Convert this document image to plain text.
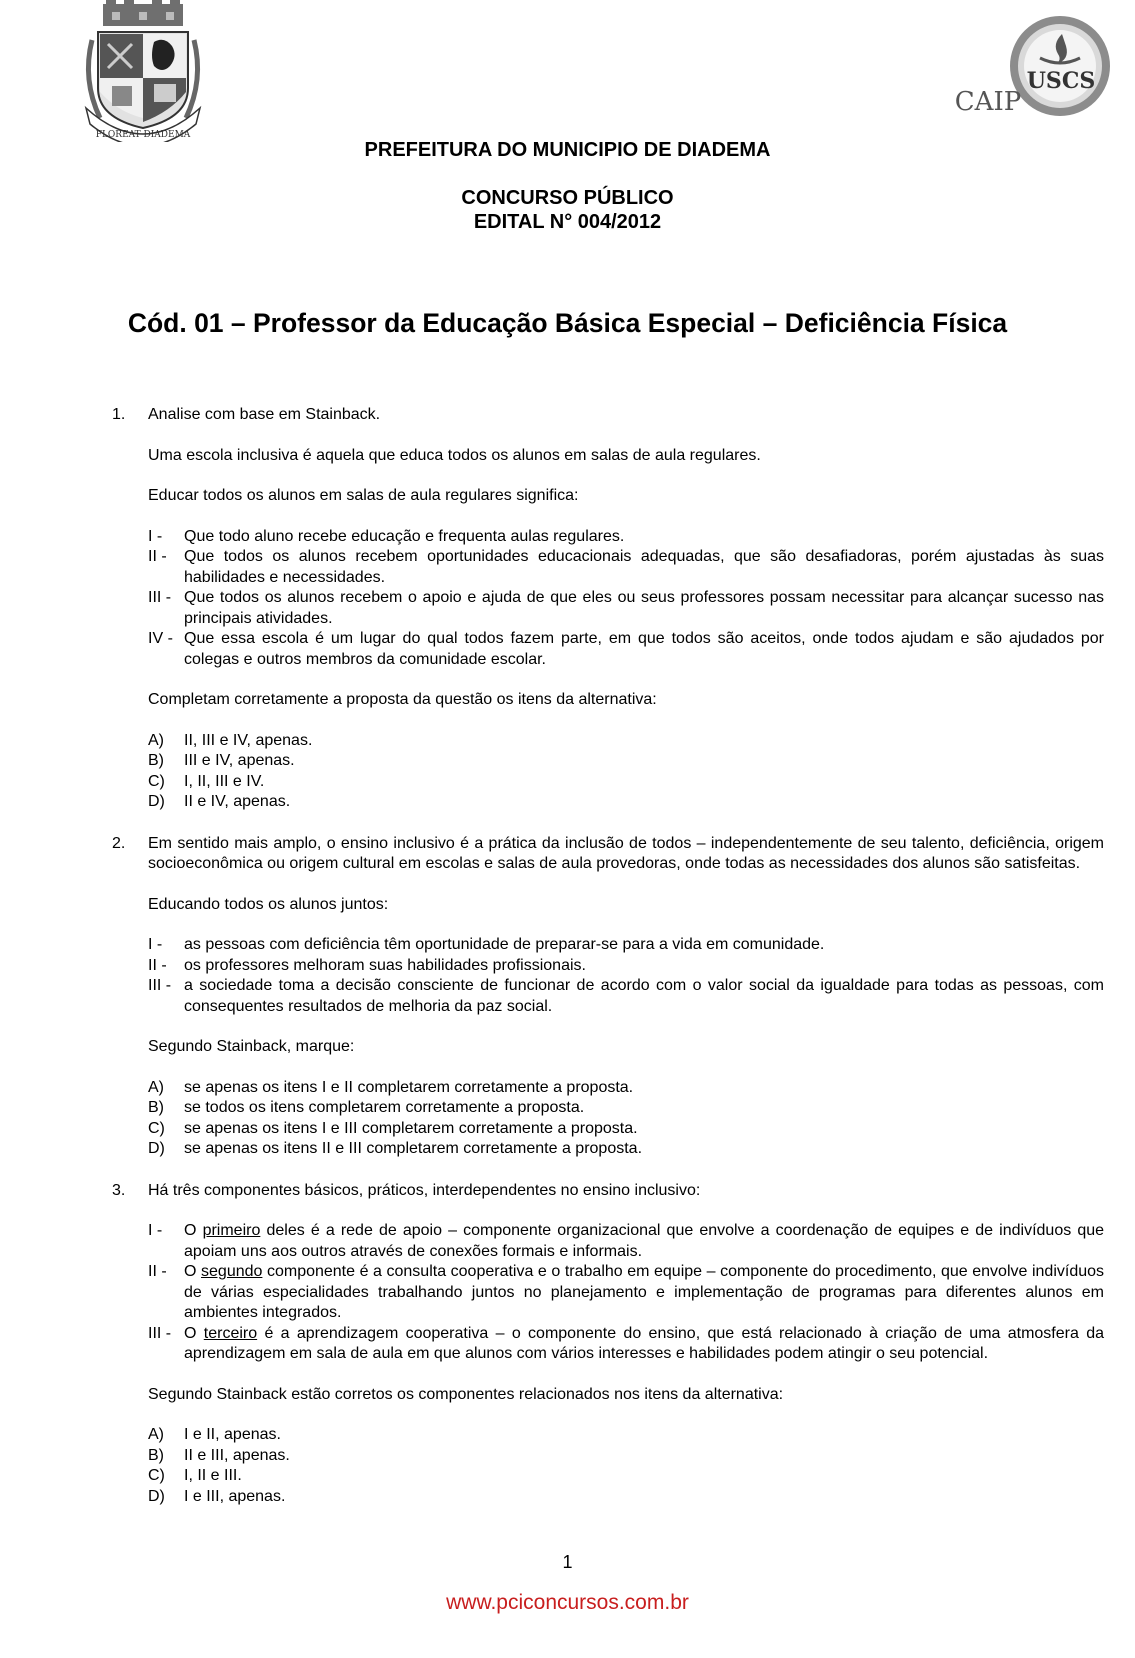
FLOREAT DIADEMA
USCS
CAIP
PREFEITURA DO MUNICIPIO DE DIADEMA
CONCURSO PÚBLICO
EDITAL N° 004/2012
Cód. 01 – Professor da Educação Básica Especial – Deficiência Física
1.	Analise com base em Stainback.
Uma escola inclusiva é aquela que educa todos os alunos em salas de aula regulares.
Educar todos os alunos em salas de aula regulares significa:
I -	Que todo aluno recebe educação e frequenta aulas regulares.
II -	Que todos os alunos recebem oportunidades educacionais adequadas, que são desafiadoras, porém ajustadas às suas habilidades e necessidades.
III - Que todos os alunos recebem o apoio e ajuda de que eles ou seus professores possam necessitar para alcançar sucesso nas principais atividades.
IV - Que essa escola é um lugar do qual todos fazem parte, em que todos são aceitos, onde todos ajudam e são ajudados por colegas e outros membros da comunidade escolar.
Completam corretamente a proposta da questão os itens da alternativa:
A)	II, III e IV, apenas.
B)	III e IV, apenas.
C)	I, II, III e IV.
D)	II e IV, apenas.
2.	Em sentido mais amplo, o ensino inclusivo é a prática da inclusão de todos – independentemente de seu talento, deficiência, origem socioeconômica ou origem cultural em escolas e salas de aula provedoras, onde todas as necessidades dos alunos são satisfeitas.
Educando todos os alunos juntos:
I -	as pessoas com deficiência têm oportunidade de preparar-se para a vida em comunidade.
II -	os professores melhoram suas habilidades profissionais.
III - a sociedade toma a decisão consciente de funcionar de acordo com o valor social da igualdade para todas as pessoas, com consequentes resultados de melhoria da paz social.
Segundo Stainback, marque:
A)	se apenas os itens I e II completarem corretamente a proposta.
B)	se todos os itens completarem corretamente a proposta.
C)	se apenas os itens I e III completarem corretamente a proposta.
D)	se apenas os itens II e III completarem corretamente a proposta.
3.	Há três componentes básicos, práticos, interdependentes no ensino inclusivo:
I -	O primeiro deles é a rede de apoio – componente organizacional que envolve a coordenação de equipes e de indivíduos que apoiam uns aos outros através de conexões formais e informais.
II -	O segundo componente é a consulta cooperativa e o trabalho em equipe – componente do procedimento, que envolve indivíduos de várias especialidades trabalhando juntos no planejamento e implementação de programas para diferentes alunos em ambientes integrados.
III - O terceiro é a aprendizagem cooperativa – o componente do ensino, que está relacionado à criação de uma atmosfera da aprendizagem em sala de aula em que alunos com vários interesses e habilidades podem atingir o seu potencial.
Segundo Stainback estão corretos os componentes relacionados nos itens da alternativa:
A)	I e II, apenas.
B)	II e III, apenas.
C)	I, II e III.
D)	I e III, apenas.
1
www.pciconcursos.com.br
